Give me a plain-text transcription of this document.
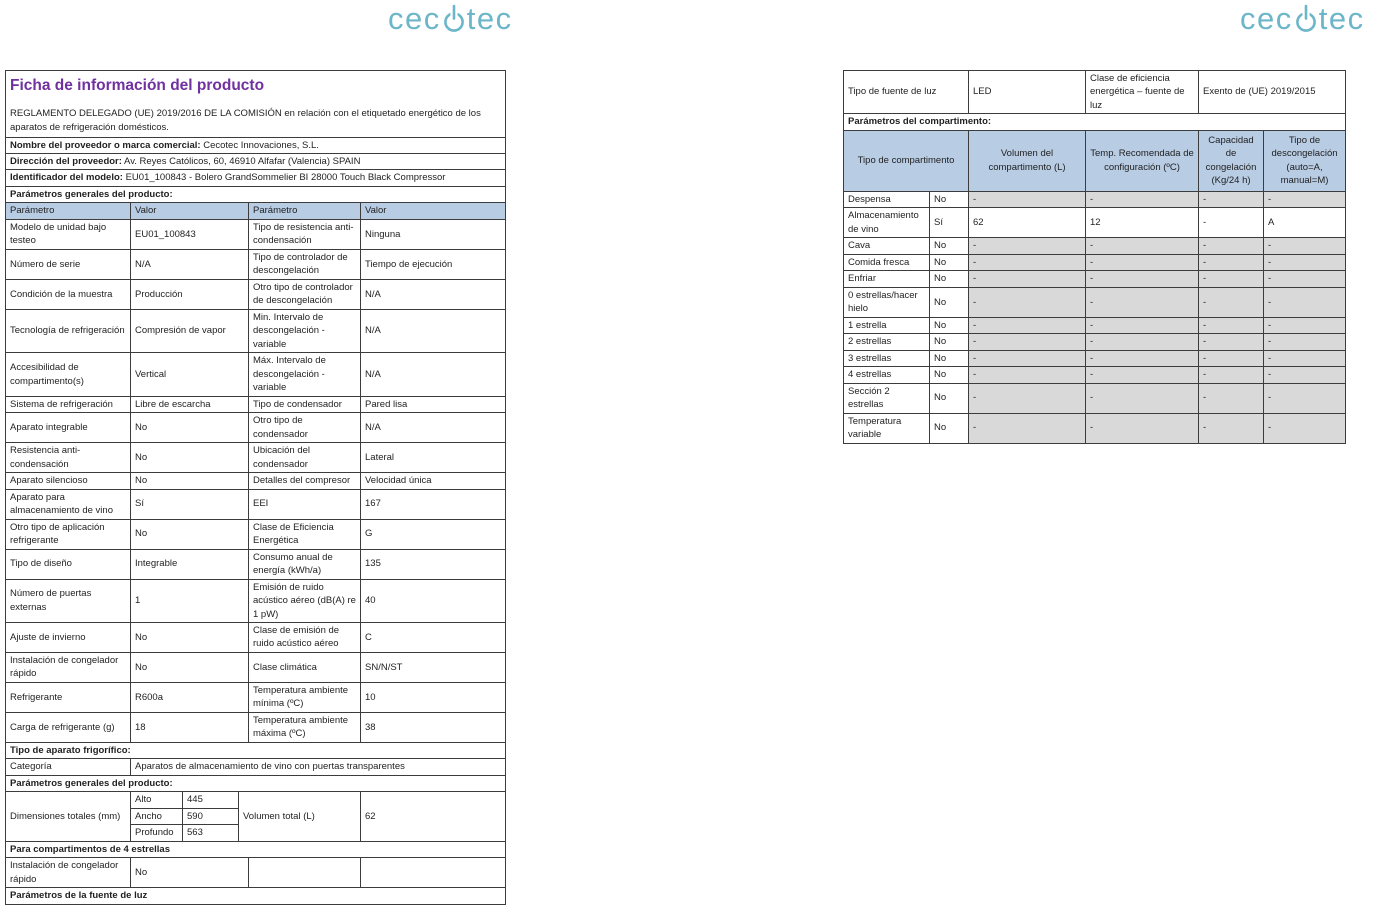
cec tec	cec tec
Ficha de información del producto
REGLAMENTO DELEGADO (UE) 2019/2016 DE LA COMISIÓN en relación con el etiquetado energético de los aparatos de refrigeración domésticos.					

Nombre del proveedor o marca comercial: Cecotec Innovaciones, S.L.					
Dirección del proveedor: Av. Reyes Católicos, 60, 46910 Alfafar (Valencia) SPAIN					
Identificador del modelo: EU01_100843 - Bolero GrandSommelier BI 28000 Touch Black Compressor					
Parámetros generales del producto:					
Parámetro	Valor			Parámetro	Valor
Modelo de unidad bajo testeo	EU01_100843			Tipo de resistencia anti-condensación	Ninguna
Número de serie	N/A			Tipo de controlador de descongelación	Tiempo de ejecución
Condición de la muestra	Producción			Otro tipo de controlador de descongelación	N/A
Tecnología de refrigeración	Compresión de vapor			Min. Intervalo de descongelación - variable	N/A
Accesibilidad de compartimento(s)	Vertical			Máx. Intervalo de descongelación - variable	N/A
Sistema de refrigeración	Libre de escarcha			Tipo de condensador	Pared lisa
Aparato integrable	No			Otro tipo de condensador	N/A
Resistencia anti-condensación	No			Ubicación del condensador	Lateral
Aparato silencioso	No			Detalles del compresor	Velocidad única
Aparato para almacenamiento de vino	Sí			EEI	167
Otro tipo de aplicación refrigerante	No			Clase de Eficiencia Energética	G
Tipo de diseño	Integrable			Consumo anual de energía (kWh/a)	135
Número de puertas externas	1			Emisión de ruido acústico aéreo (dB(A) re 1 pW)	40
Ajuste de invierno	No			Clase de emisión de ruido acústico aéreo	C
Instalación de congelador rápido	No			Clase climática	SN/N/ST
Refrigerante	R600a			Temperatura ambiente mínima (ºC)	10
Carga de refrigerante (g)	18			Temperatura ambiente máxima (ºC)	38
Tipo de aparato frigorífico:					
Categoría	Aparatos de almacenamiento de vino con puertas transparentes				
Parámetros generales del producto:					
Dimensiones totales (mm)	Alto	445	Volumen total (L)		62
	Ancho	590			
	Profundo	563			
Para compartimentos de 4 estrellas					
Instalación de congelador rápido	No				
Parámetros de la fuente de luz					
Tipo de fuente de luz		LED	Clase de eficiencia energética – fuente de luz	Exento de (UE) 2019/2015	
Parámetros del compartimento:					
Tipo de compartimento		Volumen del compartimento (L)	Temp. Recomendada de configuración (ºC)	Capacidad de congelación (Kg/24 h)	Tipo de descongelación (auto=A, manual=M)
Despensa	No	-	-	-	-
Almacenamiento de vino	Sí	62	12	-	A
Cava	No	-	-	-	-
Comida fresca	No	-	-	-	-
Enfriar	No	-	-	-	-
0 estrellas/hacer hielo	No	-	-	-	-
1 estrella	No	-	-	-	-
2 estrellas	No	-	-	-	-
3 estrellas	No	-	-	-	-
4 estrellas	No	-	-	-	-
Sección 2 estrellas	No	-	-	-	-
Temperatura variable	No	-	-	-	-
